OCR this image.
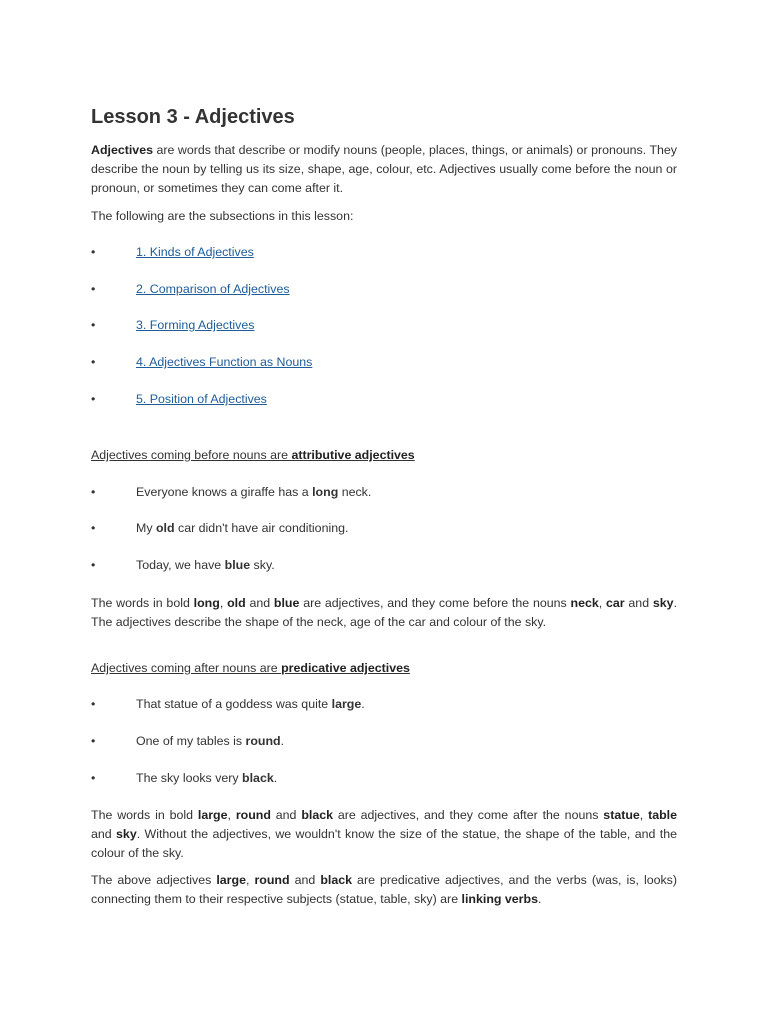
Lesson 3 - Adjectives

Adjectives are words that describe or modify nouns (people, places, things, or animals) or pronouns. They describe the noun by telling us its size, shape, age, colour, etc. Adjectives usually come before the noun or pronoun, or sometimes they can come after it.

The following are the subsections in this lesson:

•	1. Kinds of Adjectives
•	2. Comparison of Adjectives
•	3. Forming Adjectives
•	4. Adjectives Function as Nouns
•	5. Position of Adjectives
Adjectives coming before nouns are attributive adjectives
•	Everyone knows a giraffe has a long neck.
•	My old car didn't have air conditioning.
•	Today, we have blue sky.

The words in bold long, old and blue are adjectives, and they come before the nouns neck, car and sky. The adjectives describe the shape of the neck, age of the car and colour of the sky.

Adjectives coming after nouns are predicative adjectives
•	That statue of a goddess was quite large.
•	One of my tables is round.
•	The sky looks very black.

The words in bold large, round and black are adjectives, and they come after the nouns statue, table and sky. Without the adjectives, we wouldn't know the size of the statue, the shape of the table, and the colour of the sky.

The above adjectives large, round and black are predicative adjectives, and the verbs (was, is, looks) connecting them to their respective subjects (statue, table, sky) are linking verbs.
